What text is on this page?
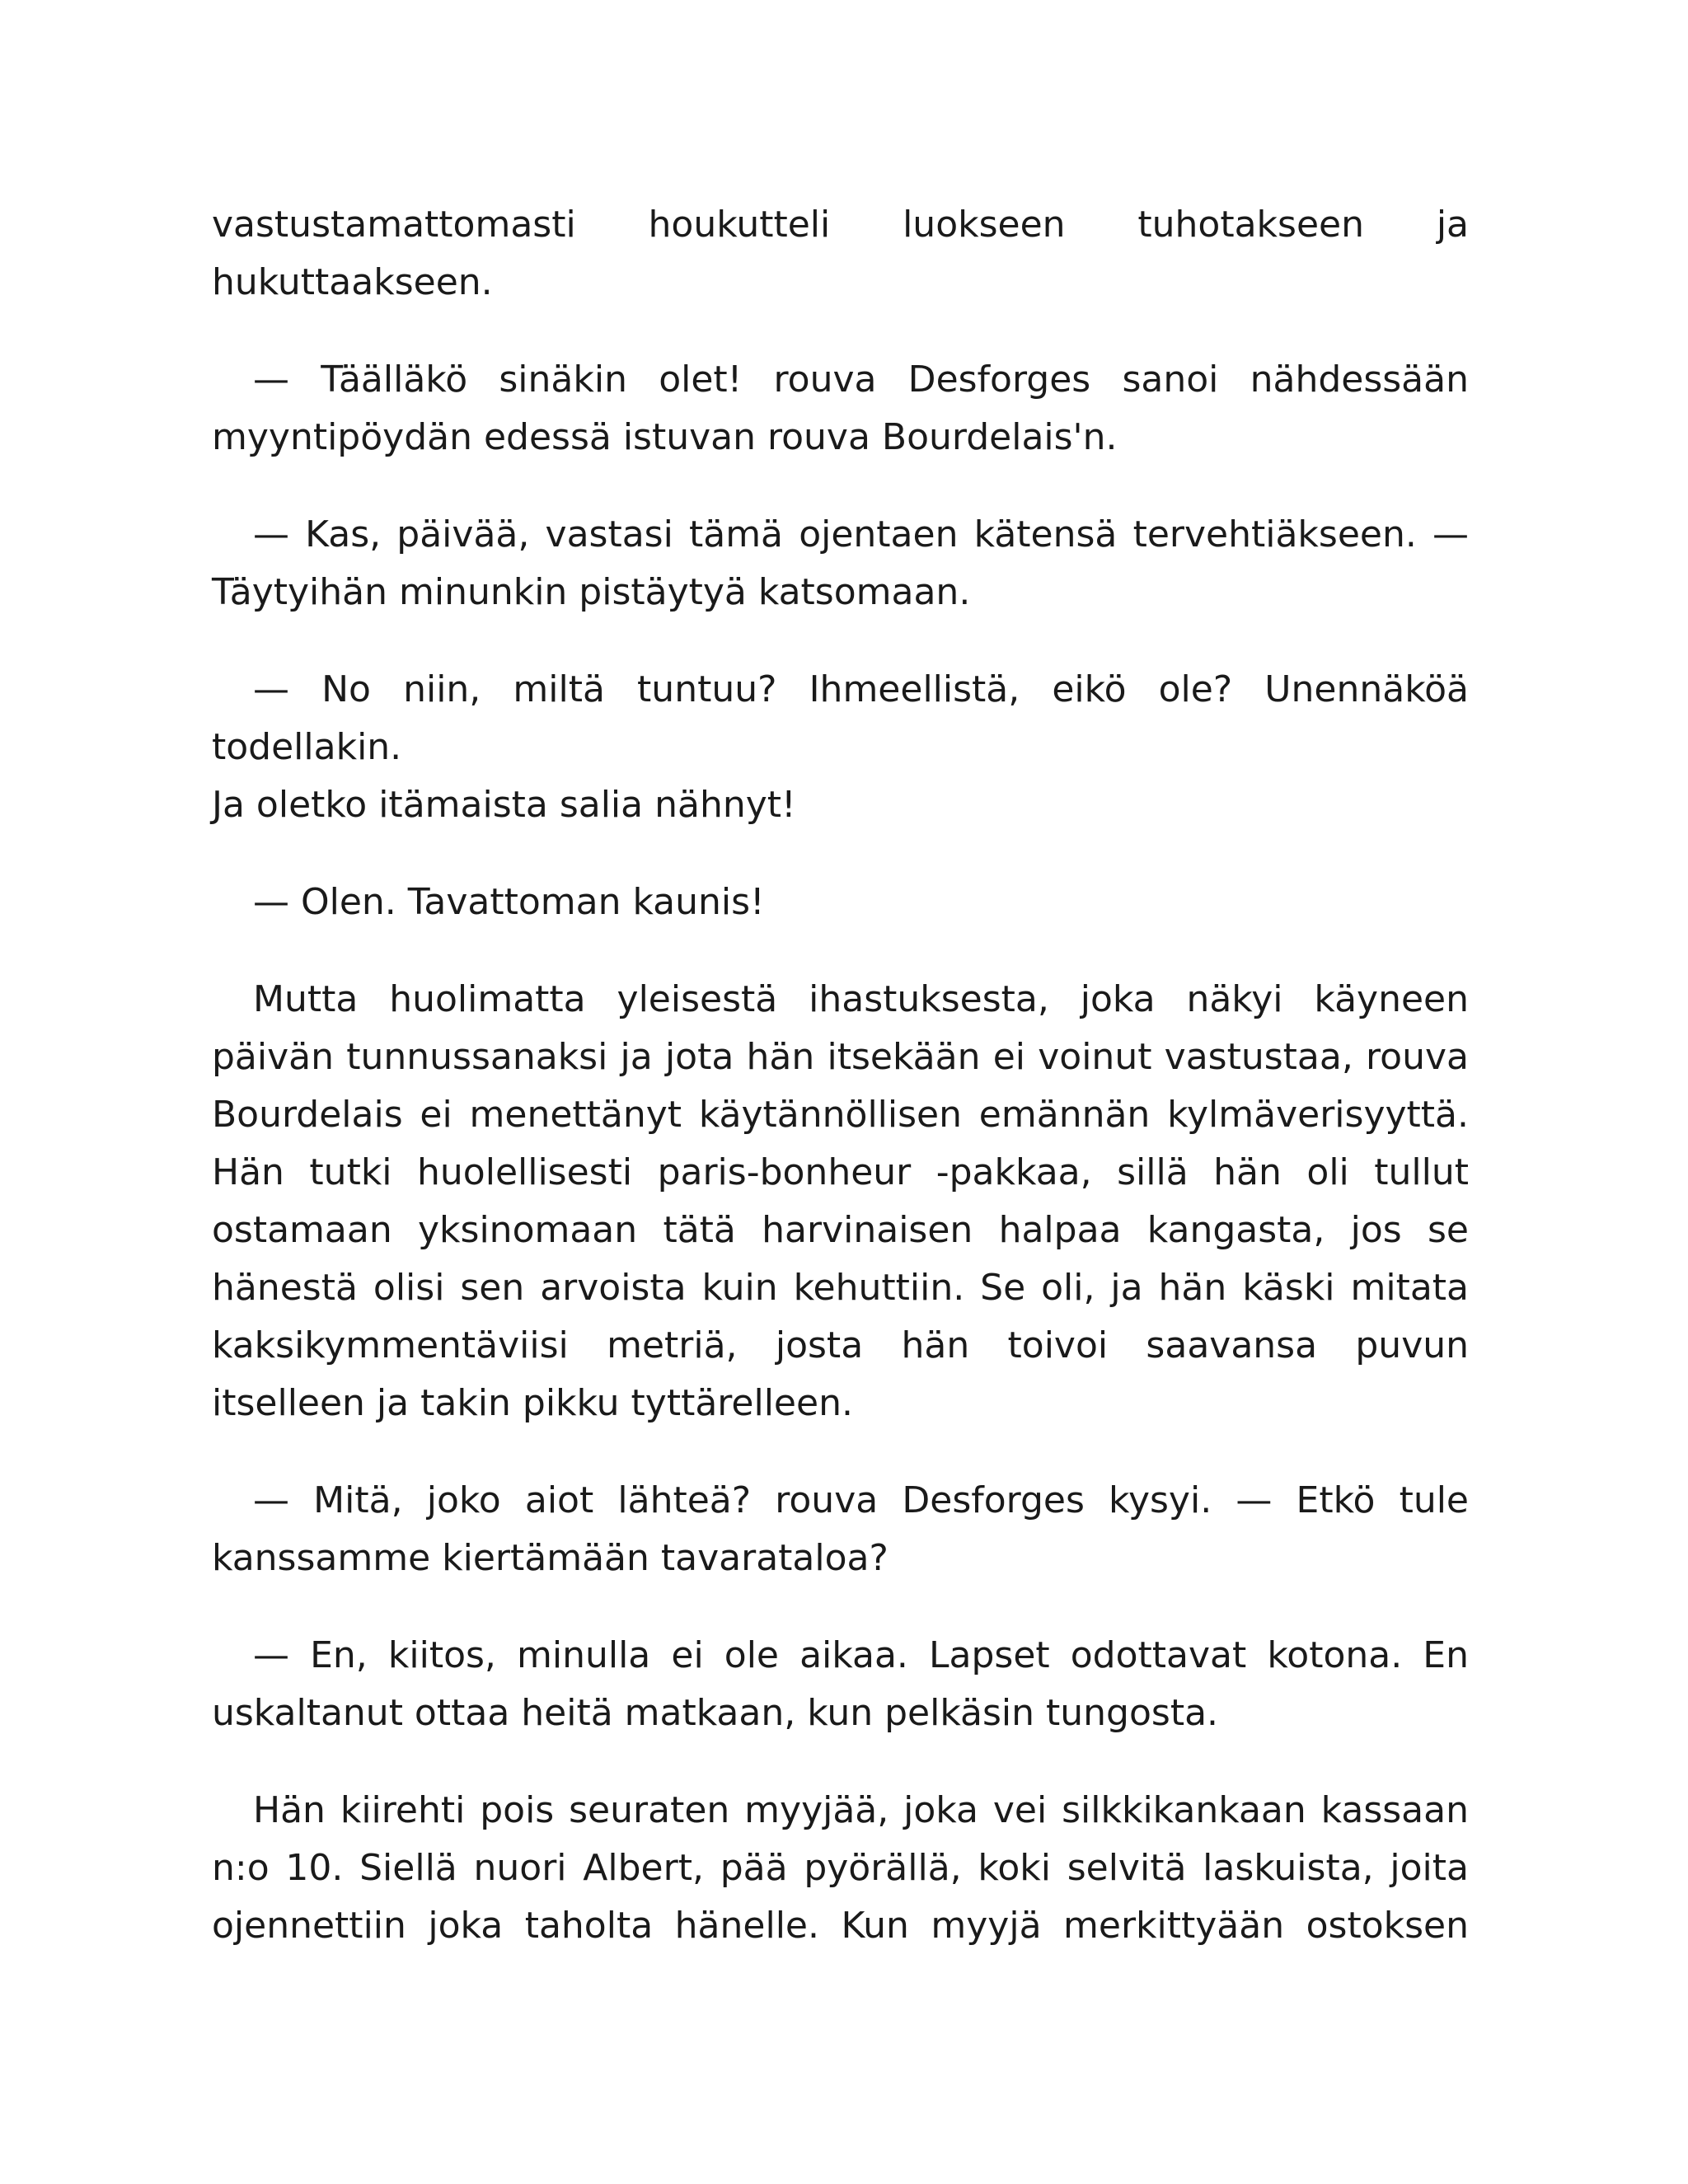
vastustamattomasti houkutteli luokseen tuhotakseen ja hukuttaakseen.

— Täälläkö sinäkin olet! rouva Desforges sanoi nähdessään myyntipöydän edessä istuvan rouva Bourdelais'n.

— Kas, päivää, vastasi tämä ojentaen kätensä tervehtiäkseen. — Täytyihän minunkin pistäytyä katsomaan.

— No niin, miltä tuntuu? Ihmeellistä, eikö ole? Unennäköä todellakin.
Ja oletko itämaista salia nähnyt!

— Olen. Tavattoman kaunis!

Mutta huolimatta yleisestä ihastuksesta, joka näkyi käyneen päivän tunnussanaksi ja jota hän itsekään ei voinut vastustaa, rouva Bourdelais ei menettänyt käytännöllisen emännän kylmäverisyyttä. Hän tutki huolellisesti paris-bonheur -pakkaa, sillä hän oli tullut ostamaan yksinomaan tätä harvinaisen halpaa kangasta, jos se hänestä olisi sen arvoista kuin kehuttiin. Se oli, ja hän käski mitata kaksikymmentäviisi metriä, josta hän toivoi saavansa puvun itselleen ja takin pikku tyttärelleen.

— Mitä, joko aiot lähteä? rouva Desforges kysyi. — Etkö tule kanssamme kiertämään tavarataloa?

— En, kiitos, minulla ei ole aikaa. Lapset odottavat kotona. En uskaltanut ottaa heitä matkaan, kun pelkäsin tungosta.

Hän kiirehti pois seuraten myyjää, joka vei silkkikankaan kassaan n:o 10. Siellä nuori Albert, pää pyörällä, koki selvitä laskuista, joita ojennettiin joka taholta hänelle. Kun myyjä merkittyään ostoksen
